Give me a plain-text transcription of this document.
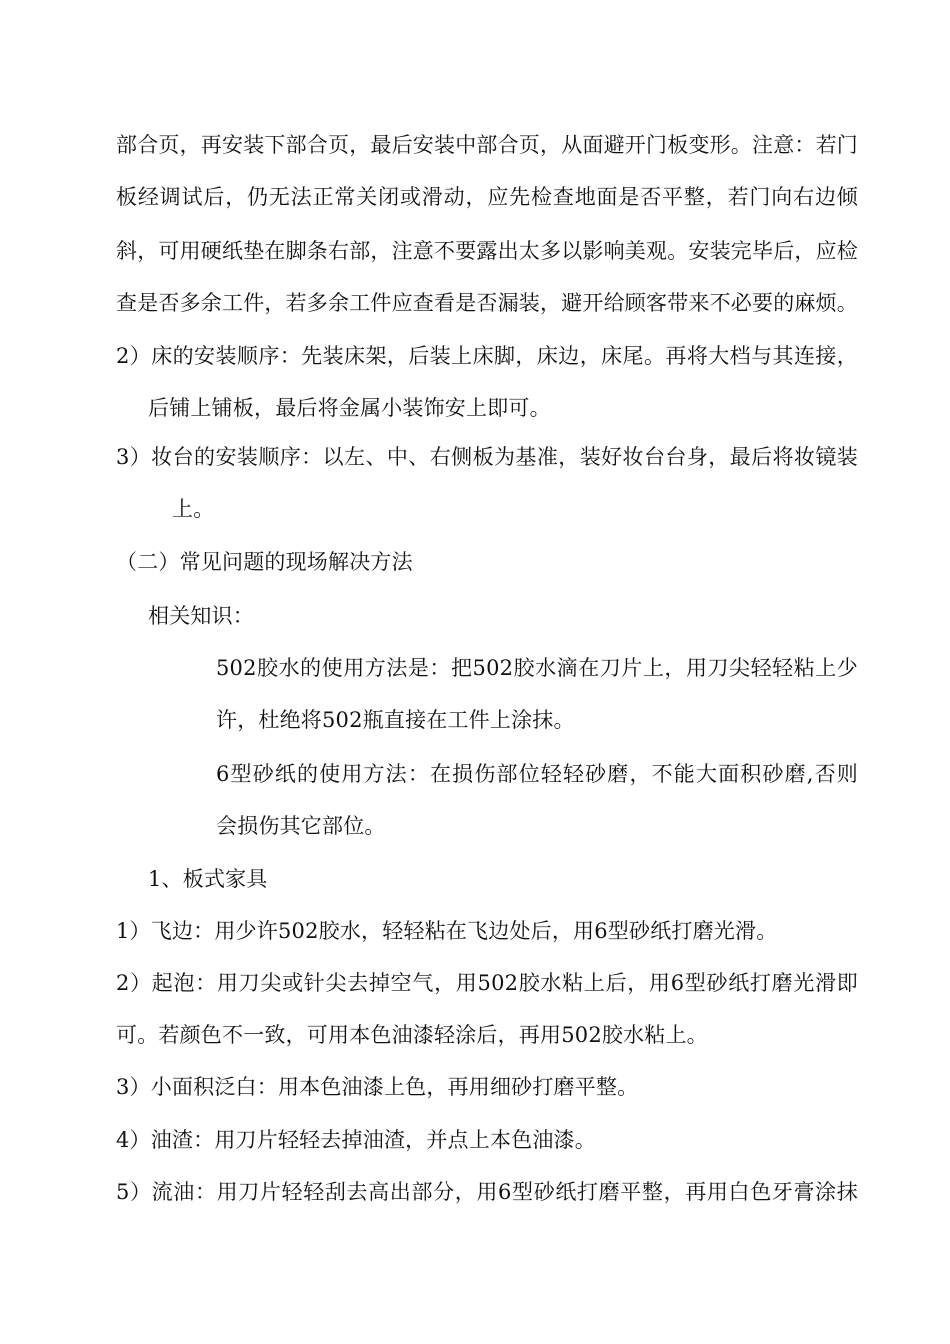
部合页，再安装下部合页，最后安装中部合页，从面避开门板变形。注意：若门
板经调试后，仍无法正常关闭或滑动，应先检查地面是否平整，若门向右边倾
斜，可用硬纸垫在脚条右部，注意不要露出太多以影响美观。安装完毕后，应检
查是否多余工件，若多余工件应查看是否漏装，避开给顾客带来不必要的麻烦。
2）床的安装顺序：先装床架，后装上床脚，床边，床尾。再将大档与其连接，
后铺上铺板，最后将金属小装饰安上即可。
3）妆台的安装顺序：以左、中、右侧板为基准，装好妆台台身，最后将妆镜装
上。
（二）常见问题的现场解决方法
相关知识：
502胶水的使用方法是：把502胶水滴在刀片上，用刀尖轻轻粘上少
许，杜绝将502瓶直接在工件上涂抹。
6型砂纸的使用方法：在损伤部位轻轻砂磨，不能大面积砂磨,否则
会损伤其它部位。
1、板式家具
1）飞边：用少许502胶水，轻轻粘在飞边处后，用6型砂纸打磨光滑。
2）起泡：用刀尖或针尖去掉空气，用502胶水粘上后，用6型砂纸打磨光滑即
可。若颜色不一致，可用本色油漆轻涂后，再用502胶水粘上。
3）小面积泛白：用本色油漆上色，再用细砂打磨平整。
4）油渣：用刀片轻轻去掉油渣，并点上本色油漆。
5）流油：用刀片轻轻刮去高出部分，用6型砂纸打磨平整，再用白色牙膏涂抹
